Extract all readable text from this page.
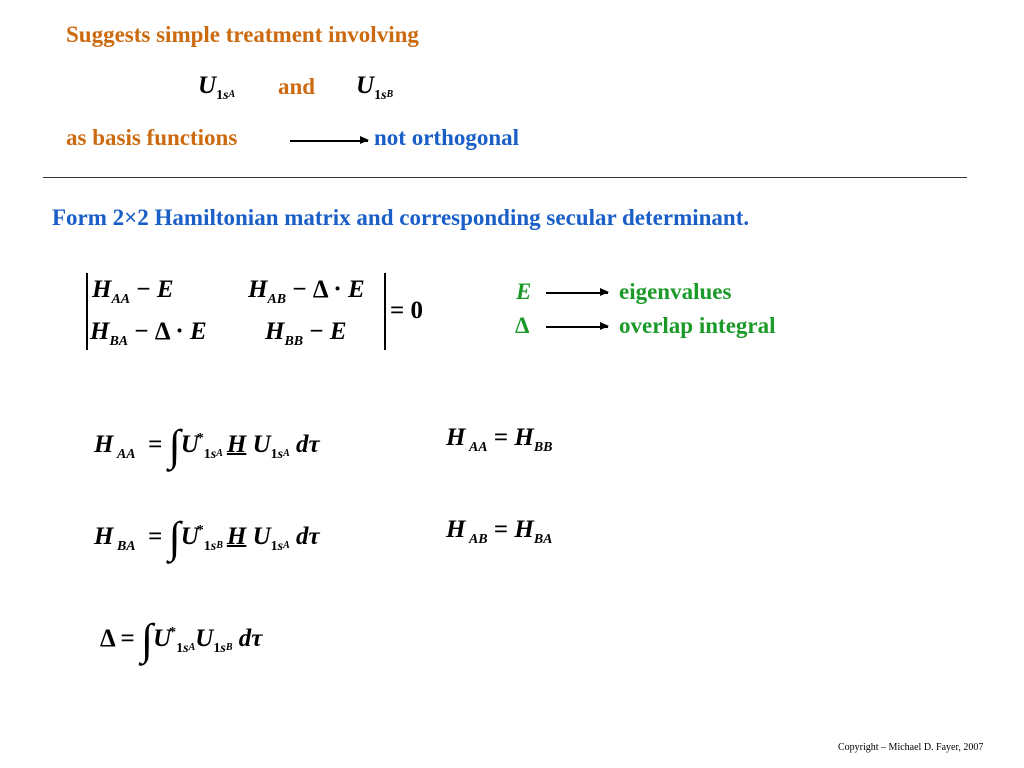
Suggests simple treatment involving
$U1s_A$ and $U1s_B$
as basis functions	not orthogonal
Form 2×2 Hamiltonian matrix and corresponding secular determinant.
HAA − E	HAB − Δ · E
HBA − Δ · E HBB − E
= 0
E	eigenvalues
Δ	overlap integral
H AA  = $\int U*1s_A$ H $U1s_A$ dτ	H AA = HBB
H BA  = $\int U*1s_B$ H $U1s_A$ dτ	H AB = HBA
$\Delta = \int U*1s_AU1s_B$ dτ
Copyright – Michael D. Fayer, 2007
